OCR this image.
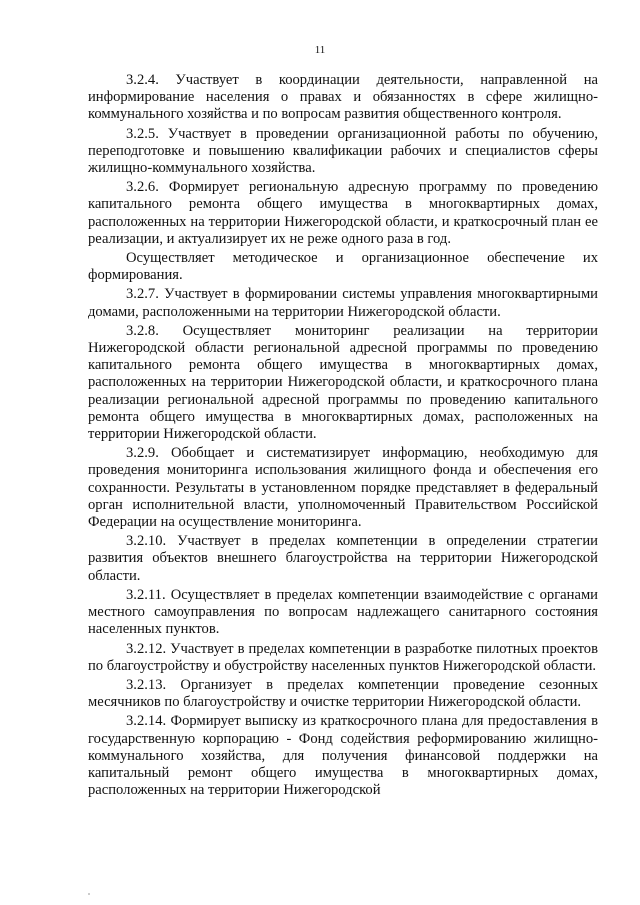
11

3.2.4. Участвует в координации деятельности, направленной на информирование населения о правах и обязанностях в сфере жилищно-коммунального хозяйства и по вопросам развития общественного контроля.

3.2.5. Участвует в проведении организационной работы по обучению, переподготовке и повышению квалификации рабочих и специалистов сферы жилищно-коммунального хозяйства.

3.2.6. Формирует региональную адресную программу по проведению капитального ремонта общего имущества в многоквартирных домах, расположенных на территории Нижегородской области, и краткосрочный план ее реализации, и актуализирует их не реже одного раза в год.

Осуществляет методическое и организационное обеспечение их формирования.

3.2.7. Участвует в формировании системы управления многоквартирными домами, расположенными на территории Нижегородской области.

3.2.8. Осуществляет мониторинг реализации на территории Нижегородской области региональной адресной программы по проведению капитального ремонта общего имущества в многоквартирных домах, расположенных на территории Нижегородской области, и краткосрочного плана реализации региональной адресной программы по проведению капитального ремонта общего имущества в многоквартирных домах, расположенных на территории Нижегородской области.

3.2.9. Обобщает и систематизирует информацию, необходимую для проведения мониторинга использования жилищного фонда и обеспечения его сохранности. Результаты в установленном порядке представляет в федеральный орган исполнительной власти, уполномоченный Правительством Российской Федерации на осуществление мониторинга.

3.2.10. Участвует в пределах компетенции в определении стратегии развития объектов внешнего благоустройства на территории Нижегородской области.

3.2.11. Осуществляет в пределах компетенции взаимодействие с органами местного самоуправления по вопросам надлежащего санитарного состояния населенных пунктов.

3.2.12. Участвует в пределах компетенции в разработке пилотных проектов по благоустройству и обустройству населенных пунктов Нижегородской области.

3.2.13. Организует в пределах компетенции проведение сезонных месячников по благоустройству и очистке территории Нижегородской области.

3.2.14. Формирует выписку из краткосрочного плана для предоставления в государственную корпорацию - Фонд содействия реформированию жилищно-коммунального хозяйства, для получения финансовой поддержки на капитальный ремонт общего имущества в многоквартирных домах, расположенных на территории Нижегородской
